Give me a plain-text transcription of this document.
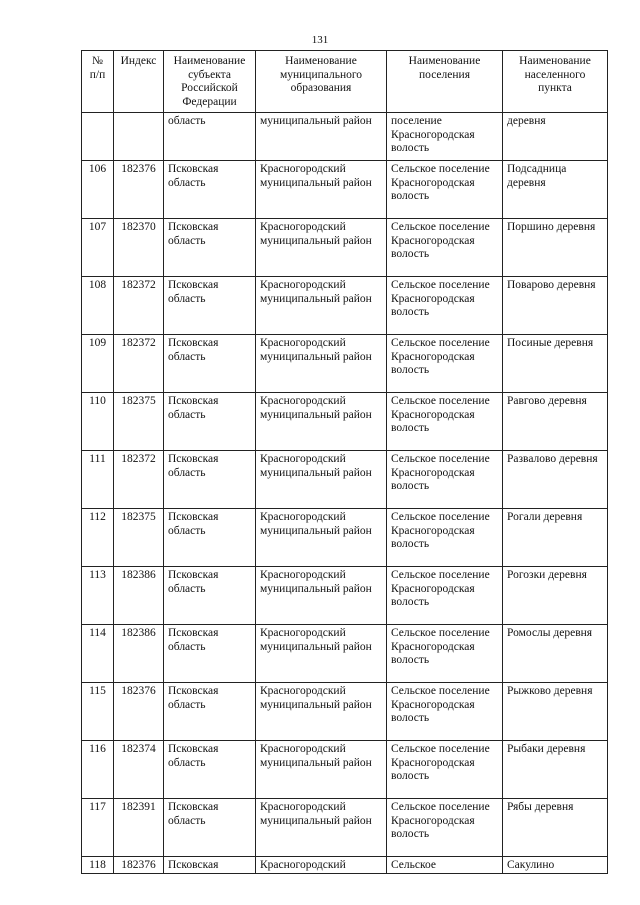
131
№ п/п	Индекс	Наименование субъекта Российской Федерации	Наименование муниципального образования	Наименование поселения	Наименование населенного пункта
		область	муниципальный район	поселение Красногородская волость	деревня
106	182376	Псковская область	Красногородский муниципальный район	Сельское поселение Красногородская волость	Подсадница деревня
107	182370	Псковская область	Красногородский муниципальный район	Сельское поселение Красногородская волость	Поршино деревня
108	182372	Псковская область	Красногородский муниципальный район	Сельское поселение Красногородская волость	Поварово деревня
109	182372	Псковская область	Красногородский муниципальный район	Сельское поселение Красногородская волость	Посиные деревня
110	182375	Псковская область	Красногородский муниципальный район	Сельское поселение Красногородская волость	Равгово деревня
111	182372	Псковская область	Красногородский муниципальный район	Сельское поселение Красногородская волость	Развалово деревня
112	182375	Псковская область	Красногородский муниципальный район	Сельское поселение Красногородская волость	Рогали деревня
113	182386	Псковская область	Красногородский муниципальный район	Сельское поселение Красногородская волость	Рогозки деревня
114	182386	Псковская область	Красногородский муниципальный район	Сельское поселение Красногородская волость	Ромослы деревня
115	182376	Псковская область	Красногородский муниципальный район	Сельское поселение Красногородская волость	Рыжково деревня
116	182374	Псковская область	Красногородский муниципальный район	Сельское поселение Красногородская волость	Рыбаки деревня
117	182391	Псковская область	Красногородский муниципальный район	Сельское поселение Красногородская волость	Рябы деревня
118	182376	Псковская	Красногородский	Сельское	Сакулино
